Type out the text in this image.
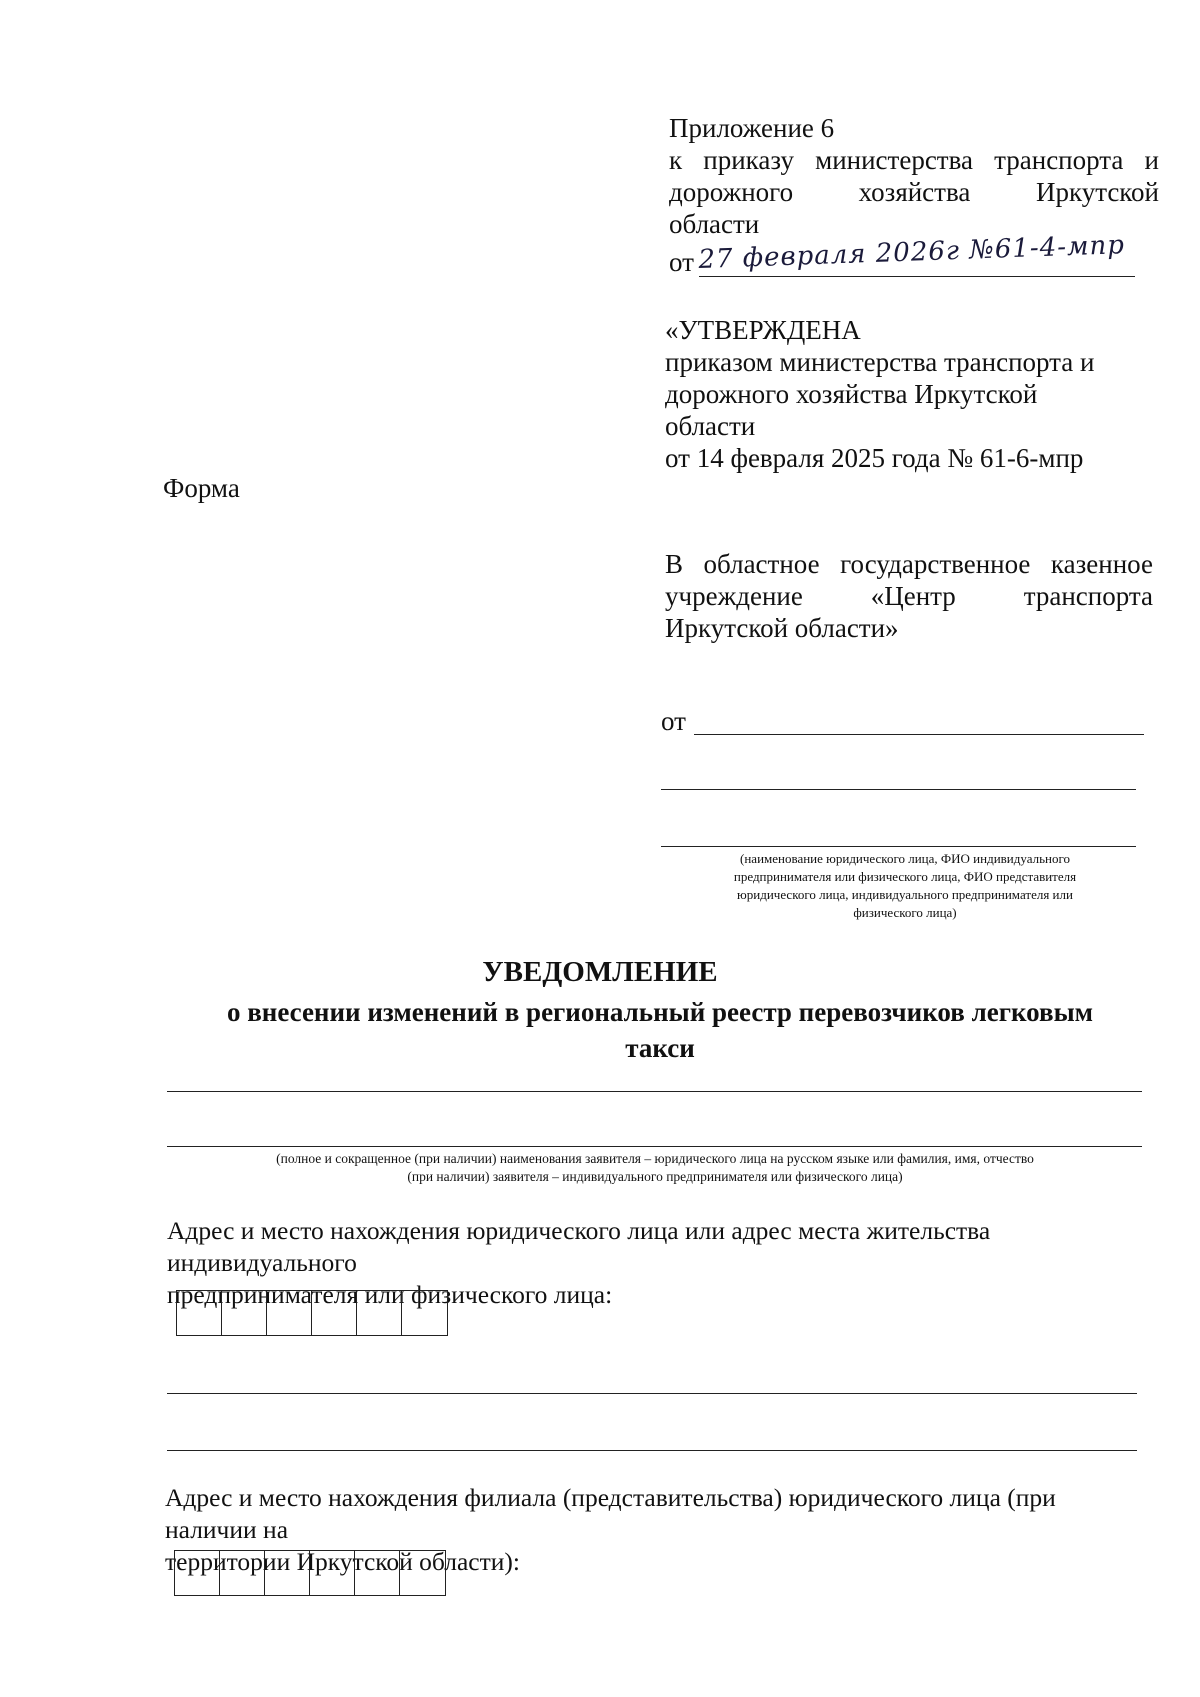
Приложение 6
к приказу министерства транспорта и
дорожного хозяйства Иркутской
области
от 27 февраля 2026г №61-4-мпр
«УТВЕРЖДЕНА
приказом министерства транспорта и
дорожного хозяйства Иркутской
области
от 14 февраля 2025 года № 61-6-мпр
Форма
В областное государственное казенное
учреждение «Центр транспорта
Иркутской области»
от
(наименование юридического лица, ФИО индивидуального
предпринимателя или физического лица, ФИО представителя
юридического лица, индивидуального предпринимателя или
физического лица)
УВЕДОМЛЕНИЕ
о внесении изменений в региональный реестр перевозчиков легковым
такси
(полное и сокращенное (при наличии) наименования заявителя – юридического лица на русском языке или фамилия, имя, отчество
(при наличии) заявителя – индивидуального предпринимателя или физического лица)
Адрес и место нахождения юридического лица или адрес места жительства индивидуального
предпринимателя или физического лица:
Адрес и место нахождения филиала (представительства) юридического лица (при наличии на
территории Иркутской области):
